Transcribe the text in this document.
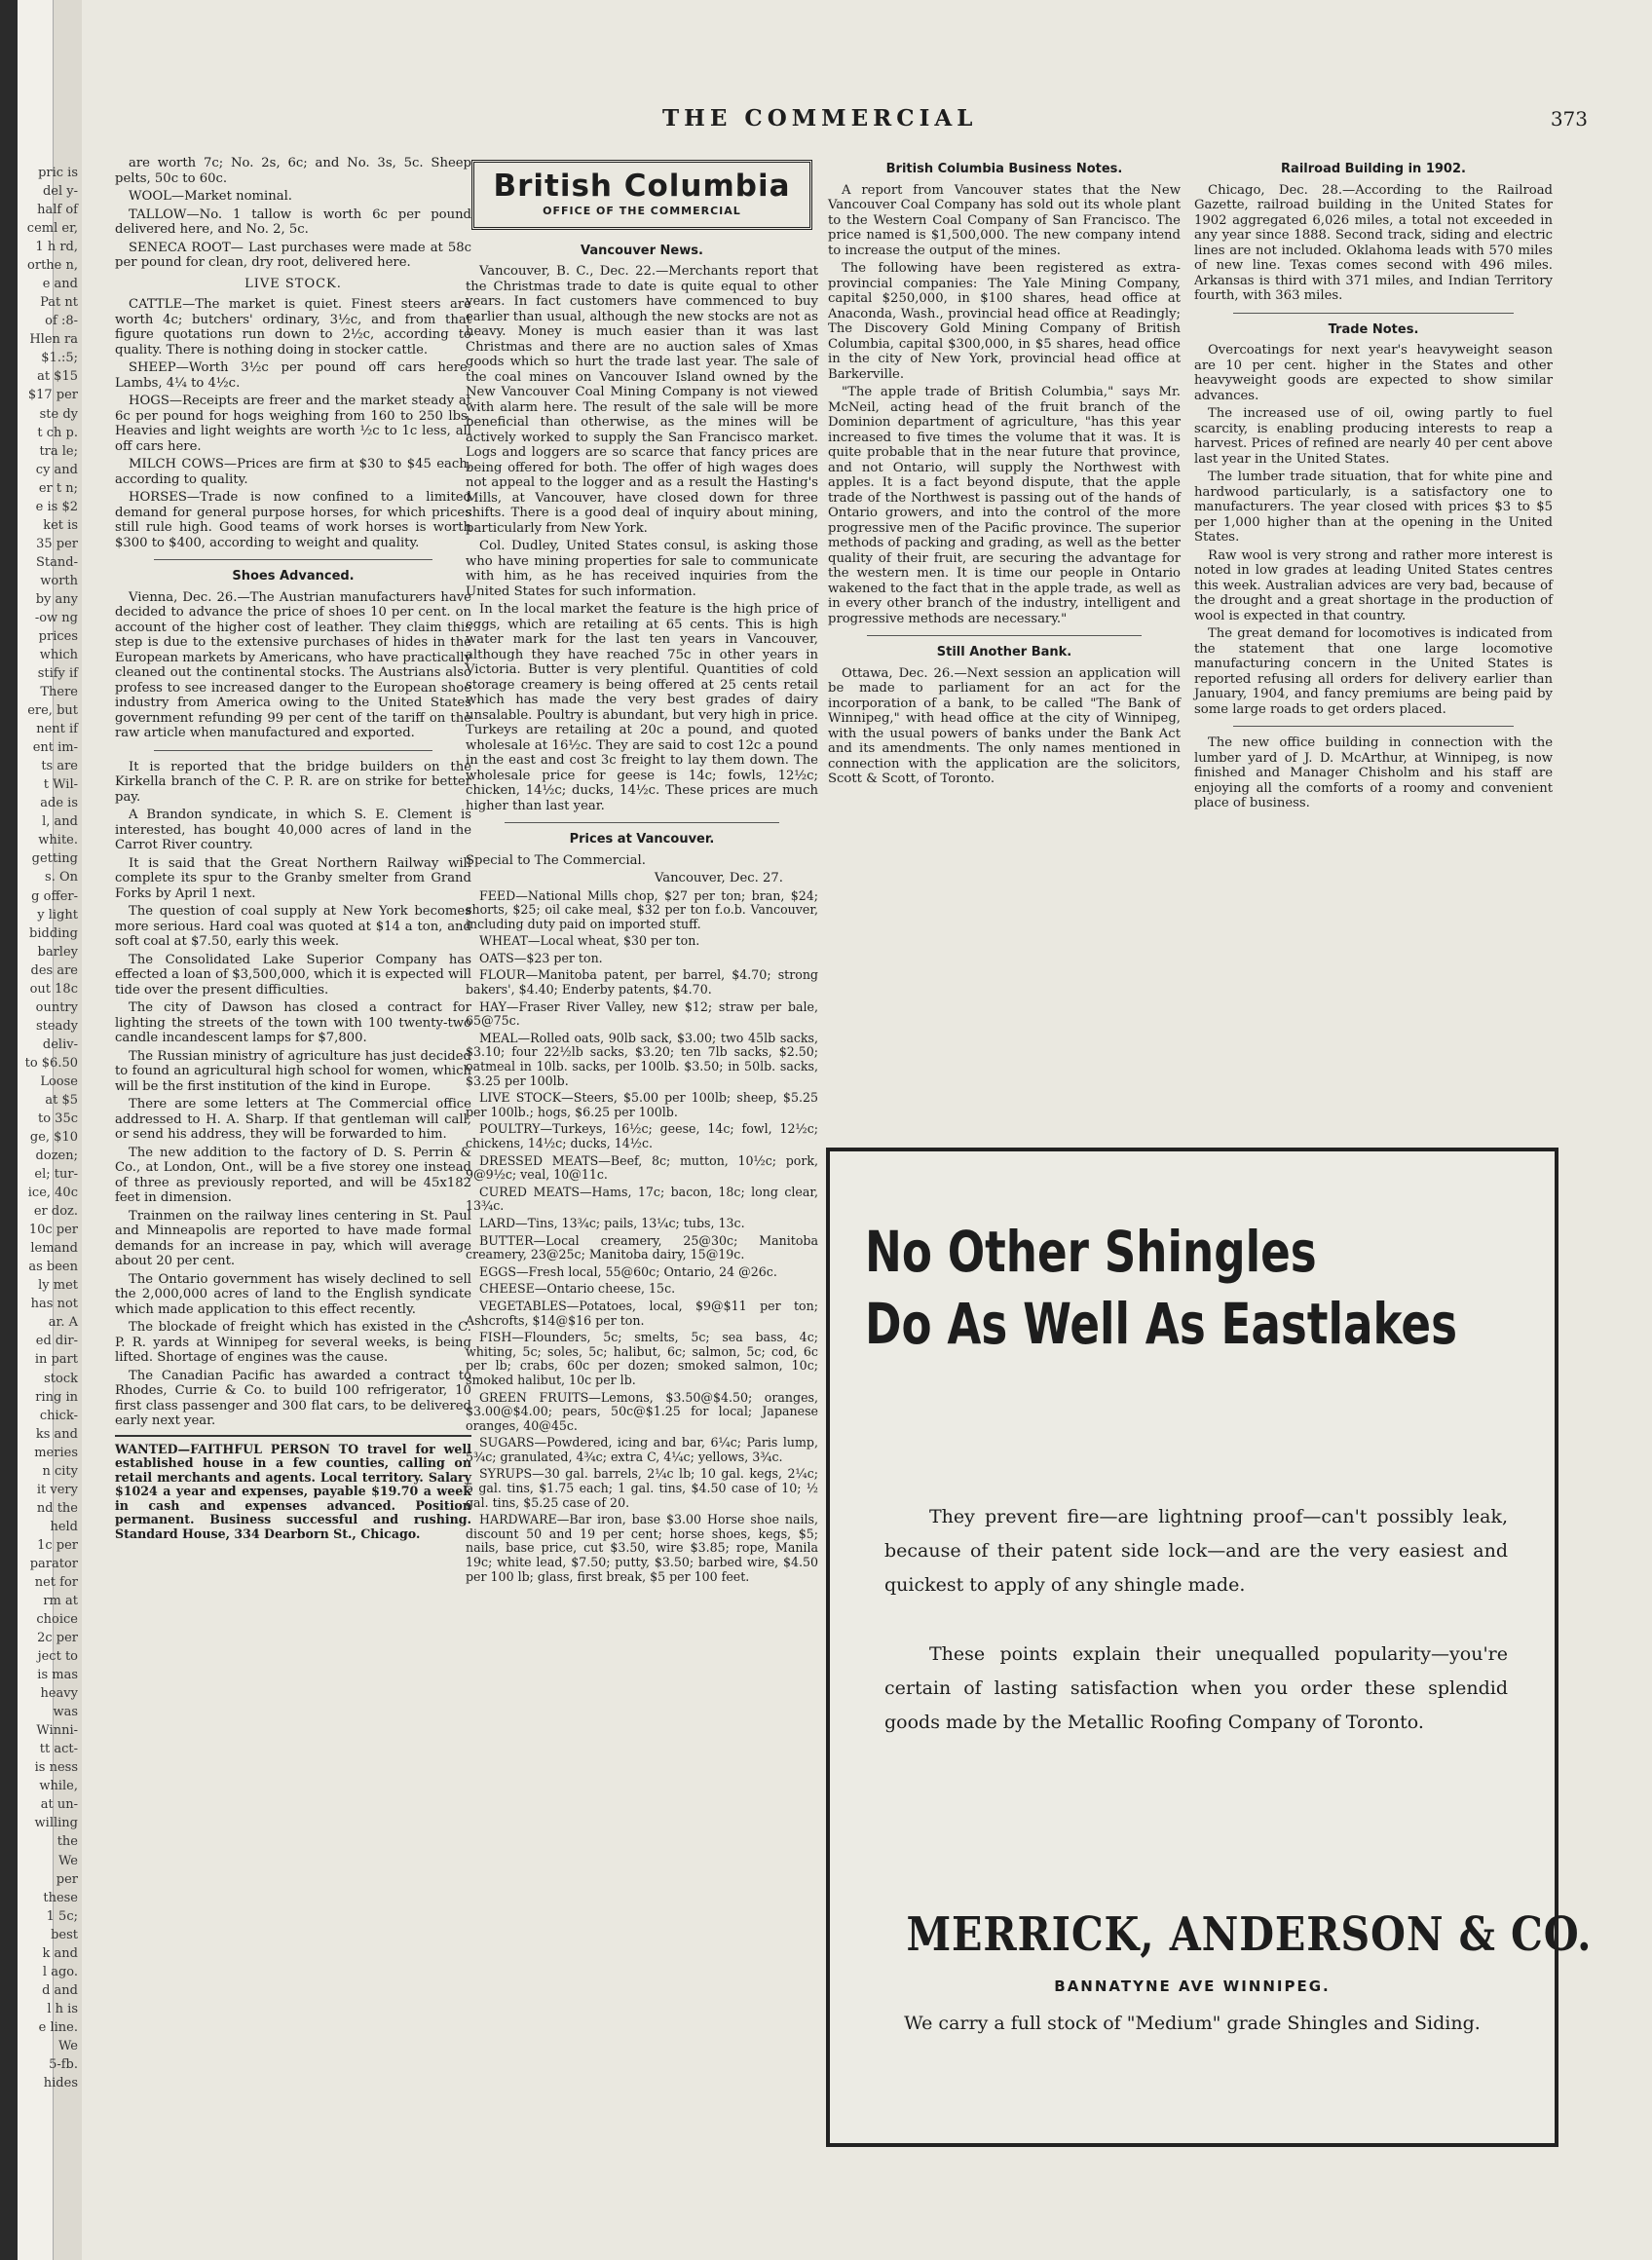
pric is

del y-

half of

ceml er,

1 h rd,

orthe n,

e and

Pat nt

of :8-

Hlen ra

$1.:5;

at $15

$17 per

ste dy

t ch p.

tra le;

cy and

er t n;

e is $2

ket is

35 per

Stand-

worth

by any

-ow ng

prices

which

stify if

There

ere, but

nent if

ent im-

ts are

t Wil-

ade is

l, and

white.

getting

s. On

g offer-

y light

bidding

barley

des are

out 18c

ountry

steady

deliv-

to $6.50

Loose

at $5

to 35c

ge, $10

dozen;

el; tur-

ice, 40c

er doz.

10c per

lemand

as been

ly met

has not

ar. A

ed dir-

in part

stock

ring in

chick-

ks and

meries

n city

it very

nd the

held

1c per

parator

net for

rm at

choice

2c per

ject to

is mas

heavy

was

Winni-

tt act-

is ness

while,

at un-

willing

the

We

per

these

1 5c;

best

k and

l ago.

d and

l h is

e line.

We

5-fb.

hides

THE COMMERCIAL	373

are worth 7c; No. 2s, 6c; and No. 3s, 5c. Sheep pelts, 50c to 60c.

WOOL—Market nominal.

TALLOW—No. 1 tallow is worth 6c per pound delivered here, and No. 2, 5c.

SENECA ROOT— Last purchases were made at 58c per pound for clean, dry root, delivered here.

LIVE STOCK.

CATTLE—The market is quiet. Finest steers are worth 4c; butchers' ordinary, 3½c, and from that figure quotations run down to 2½c, according to quality. There is nothing doing in stocker cattle.

SHEEP—Worth 3½c per pound off cars here. Lambs, 4¼ to 4½c.

HOGS—Receipts are freer and the market steady at 6c per pound for hogs weighing from 160 to 250 lbs. Heavies and light weights are worth ½c to 1c less, all off cars here.

MILCH COWS—Prices are firm at $30 to $45 each, according to quality.

HORSES—Trade is now confined to a limited demand for general purpose horses, for which prices still rule high. Good teams of work horses is worth $300 to $400, according to weight and quality.

Shoes Advanced.

Vienna, Dec. 26.—The Austrian manufacturers have decided to advance the price of shoes 10 per cent. on account of the higher cost of leather. They claim this step is due to the extensive purchases of hides in the European markets by Americans, who have practically cleaned out the continental stocks. The Austrians also profess to see increased danger to the European shoe industry from America owing to the United States government refunding 99 per cent of the tariff on the raw article when manufactured and exported.

It is reported that the bridge builders on the Kirkella branch of the C. P. R. are on strike for better pay.

A Brandon syndicate, in which S. E. Clement is interested, has bought 40,000 acres of land in the Carrot River country.

It is said that the Great Northern Railway will complete its spur to the Granby smelter from Grand Forks by April 1 next.

The question of coal supply at New York becomes more serious. Hard coal was quoted at $14 a ton, and soft coal at $7.50, early this week.

The Consolidated Lake Superior Company has effected a loan of $3,500,000, which it is expected will tide over the present difficulties.

The city of Dawson has closed a contract for lighting the streets of the town with 100 twenty-two candle incandescent lamps for $7,800.

The Russian ministry of agriculture has just decided to found an agricultural high school for women, which will be the first institution of the kind in Europe.

There are some letters at The Commercial office addressed to H. A. Sharp. If that gentleman will call, or send his address, they will be forwarded to him.

The new addition to the factory of D. S. Perrin & Co., at London, Ont., will be a five storey one instead of three as previously reported, and will be 45x182 feet in dimension.

Trainmen on the railway lines centering in St. Paul and Minneapolis are reported to have made formal demands for an increase in pay, which will average about 20 per cent.

The Ontario government has wisely declined to sell the 2,000,000 acres of land to the English syndicate which made application to this effect recently.

The blockade of freight which has existed in the C. P. R. yards at Winnipeg for several weeks, is being lifted. Shortage of engines was the cause.

The Canadian Pacific has awarded a contract to Rhodes, Currie & Co. to build 100 refrigerator, 10 first class passenger and 300 flat cars, to be delivered early next year.

WANTED—FAITHFUL PERSON TO travel for well established house in a few counties, calling on retail merchants and agents. Local territory. Salary $1024 a year and expenses, payable $19.70 a week in cash and expenses advanced. Position permanent. Business successful and rushing. Standard House, 334 Dearborn St., Chicago.

British Columbia
OFFICE OF THE COMMERCIAL

Vancouver News.

Vancouver, B. C., Dec. 22.—Merchants report that the Christmas trade to date is quite equal to other years. In fact customers have commenced to buy earlier than usual, although the new stocks are not as heavy. Money is much easier than it was last Christmas and there are no auction sales of Xmas goods which so hurt the trade last year. The sale of the coal mines on Vancouver Island owned by the New Vancouver Coal Mining Company is not viewed with alarm here. The result of the sale will be more beneficial than otherwise, as the mines will be actively worked to supply the San Francisco market. Logs and loggers are so scarce that fancy prices are being offered for both. The offer of high wages does not appeal to the logger and as a result the Hasting's Mills, at Vancouver, have closed down for three shifts. There is a good deal of inquiry about mining, particularly from New York.

Col. Dudley, United States consul, is asking those who have mining properties for sale to communicate with him, as he has received inquiries from the United States for such information.

In the local market the feature is the high price of eggs, which are retailing at 65 cents. This is high water mark for the last ten years in Vancouver, although they have reached 75c in other years in Victoria. Butter is very plentiful. Quantities of cold storage creamery is being offered at 25 cents retail which has made the very best grades of dairy unsalable. Poultry is abundant, but very high in price. Turkeys are retailing at 20c a pound, and quoted wholesale at 16½c. They are said to cost 12c a pound in the east and cost 3c freight to lay them down. The wholesale price for geese is 14c; fowls, 12½c; chicken, 14½c; ducks, 14½c. These prices are much higher than last year.

Prices at Vancouver.

Special to The Commercial.

Vancouver, Dec. 27.

FEED—National Mills chop, $27 per ton; bran, $24; shorts, $25; oil cake meal, $32 per ton f.o.b. Vancouver, including duty paid on imported stuff.

WHEAT—Local wheat, $30 per ton.

OATS—$23 per ton.

FLOUR—Manitoba patent, per barrel, $4.70; strong bakers', $4.40; Enderby patents, $4.70.

HAY—Fraser River Valley, new $12; straw per bale, 65@75c.

MEAL—Rolled oats, 90lb sack, $3.00; two 45lb sacks, $3.10; four 22½lb sacks, $3.20; ten 7lb sacks, $2.50; oatmeal in 10lb. sacks, per 100lb. $3.50; in 50lb. sacks, $3.25 per 100lb.

LIVE STOCK—Steers, $5.00 per 100lb; sheep, $5.25 per 100lb.; hogs, $6.25 per 100lb.

POULTRY—Turkeys, 16½c; geese, 14c; fowl, 12½c; chickens, 14½c; ducks, 14½c.

DRESSED MEATS—Beef, 8c; mutton, 10½c; pork, 9@9½c; veal, 10@11c.

CURED MEATS—Hams, 17c; bacon, 18c; long clear, 13¾c.

LARD—Tins, 13¾c; pails, 13¼c; tubs, 13c.

BUTTER—Local creamery, 25@30c; Manitoba creamery, 23@25c; Manitoba dairy, 15@19c.

EGGS—Fresh local, 55@60c; Ontario, 24 @26c.

CHEESE—Ontario cheese, 15c.

VEGETABLES—Potatoes, local, $9@$11 per ton; Ashcrofts, $14@$16 per ton.

FISH—Flounders, 5c; smelts, 5c; sea bass, 4c; whiting, 5c; soles, 5c; halibut, 6c; salmon, 5c; cod, 6c per lb; crabs, 60c per dozen; smoked salmon, 10c; smoked halibut, 10c per lb.

GREEN FRUITS—Lemons, $3.50@$4.50; oranges, $3.00@$4.00; pears, 50c@$1.25 for local; Japanese oranges, 40@45c.

SUGARS—Powdered, icing and bar, 6¼c; Paris lump, 5¾c; granulated, 4¾c; extra C, 4¼c; yellows, 3¾c.

SYRUPS—30 gal. barrels, 2¼c lb; 10 gal. kegs, 2¼c; 5 gal. tins, $1.75 each; 1 gal. tins, $4.50 case of 10; ½ gal. tins, $5.25 case of 20.

HARDWARE—Bar iron, base $3.00 Horse shoe nails, discount 50 and 19 per cent; horse shoes, kegs, $5; nails, base price, cut $3.50, wire $3.85; rope, Manila 19c; white lead, $7.50; putty, $3.50; barbed wire, $4.50 per 100 lb; glass, first break, $5 per 100 feet.

British Columbia Business Notes.

A report from Vancouver states that the New Vancouver Coal Company has sold out its whole plant to the Western Coal Company of San Francisco. The price named is $1,500,000. The new company intend to increase the output of the mines.

The following have been registered as extra-provincial companies: The Yale Mining Company, capital $250,000, in $100 shares, head office at Anaconda, Wash., provincial head office at Readingly; The Discovery Gold Mining Company of British Columbia, capital $300,000, in $5 shares, head office in the city of New York, provincial head office at Barkerville.

"The apple trade of British Columbia," says Mr. McNeil, acting head of the fruit branch of the Dominion department of agriculture, "has this year increased to five times the volume that it was. It is quite probable that in the near future that province, and not Ontario, will supply the Northwest with apples. It is a fact beyond dispute, that the apple trade of the Northwest is passing out of the hands of Ontario growers, and into the control of the more progressive men of the Pacific province. The superior methods of packing and grading, as well as the better quality of their fruit, are securing the advantage for the western men. It is time our people in Ontario wakened to the fact that in the apple trade, as well as in every other branch of the industry, intelligent and progressive methods are necessary."

Still Another Bank.

Ottawa, Dec. 26.—Next session an application will be made to parliament for an act for the incorporation of a bank, to be called "The Bank of Winnipeg," with head office at the city of Winnipeg, with the usual powers of banks under the Bank Act and its amendments. The only names mentioned in connection with the application are the solicitors, Scott & Scott, of Toronto.

Railroad Building in 1902.

Chicago, Dec. 28.—According to the Railroad Gazette, railroad building in the United States for 1902 aggregated 6,026 miles, a total not exceeded in any year since 1888. Second track, siding and electric lines are not included. Oklahoma leads with 570 miles of new line. Texas comes second with 496 miles. Arkansas is third with 371 miles, and Indian Territory fourth, with 363 miles.

Trade Notes.

Overcoatings for next year's heavyweight season are 10 per cent. higher in the States and other heavyweight goods are expected to show similar advances.

The increased use of oil, owing partly to fuel scarcity, is enabling producing interests to reap a harvest. Prices of refined are nearly 40 per cent above last year in the United States.

The lumber trade situation, that for white pine and hardwood particularly, is a satisfactory one to manufacturers. The year closed with prices $3 to $5 per 1,000 higher than at the opening in the United States.

Raw wool is very strong and rather more interest is noted in low grades at leading United States centres this week. Australian advices are very bad, because of the drought and a great shortage in the production of wool is expected in that country.

The great demand for locomotives is indicated from the statement that one large locomotive manufacturing concern in the United States is reported refusing all orders for delivery earlier than January, 1904, and fancy premiums are being paid by some large roads to get orders placed.

The new office building in connection with the lumber yard of J. D. McArthur, at Winnipeg, is now finished and Manager Chisholm and his staff are enjoying all the comforts of a roomy and convenient place of business.

No Other Shingles
Do As Well As Eastlakes

They prevent fire—are lightning proof—can't possibly leak, because of their patent side lock—and are the very easiest and quickest to apply of any shingle made.

These points explain their unequalled popularity—you're certain of lasting satisfaction when you order these splendid goods made by the Metallic Roofing Company of Toronto.

MERRICK, ANDERSON & CO.
BANNATYNE AVE WINNIPEG.
We carry a full stock of "Medium" grade Shingles and Siding.
